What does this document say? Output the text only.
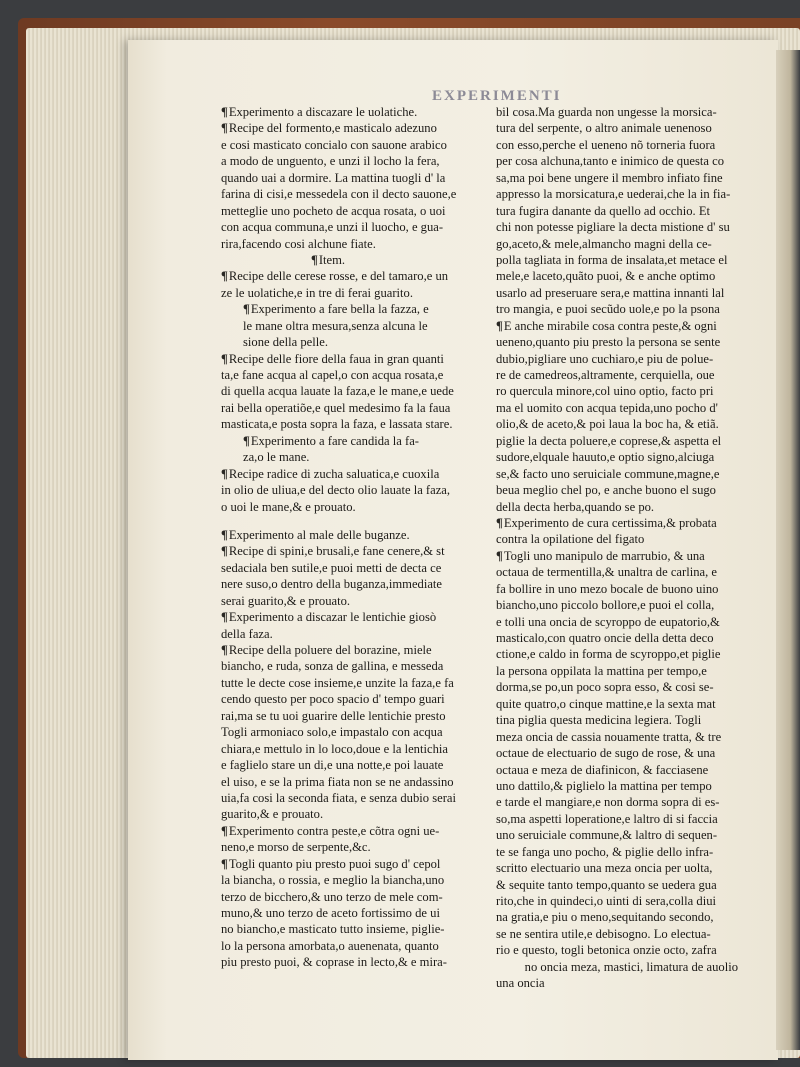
EXPERIMENTI
¶Experimento a discazare le uolatiche.
¶Recipe del formento,e masticalo adezuno
e cosi masticato concialo con sauone arabico
a modo de unguento, e unzi il locho la fera,
quando uai a dormire. La mattina tuogli d' la
farina di cisi,e messedela con il decto sauone,e
metteglie uno pocheto de acqua rosata, o uoi
con acqua communa,e unzi il luocho, e gua-
rira,facendo cosi alchune fiate.
¶Item.
¶Recipe delle cerese rosse, e del tamaro,e un
ze le uolatiche,e in tre di ferai guarito.
¶Experimento a fare bella la fazza, e
le mane oltra mesura,senza alcuna le
sione della pelle.
¶Recipe delle fiore della faua in gran quanti
ta,e fane acqua al capel,o con acqua rosata,e
di quella acqua lauate la faza,e le mane,e uede
rai bella operatiõe,e quel medesimo fa la faua
masticata,e posta sopra la faza, e lassata stare.
¶Experimento a fare candida la fa-
za,o le mane.
¶Recipe radice di zucha saluatica,e cuoxila
in olio de uliua,e del decto olio lauate la faza,
o uoi le mane,& e prouato.
¶Experimento al male delle buganze.
¶Recipe di spini,e brusali,e fane cenere,& st
sedaciala ben sutile,e puoi metti de decta ce
nere suso,o dentro della buganza,immediate
serai guarito,& e prouato.
¶Experimento a discazar le lentichie giosò
della faza.
¶Recipe della poluere del borazine, miele
biancho, e ruda, sonza de gallina, e messeda
tutte le decte cose insieme,e unzite la faza,e fa
cendo questo per poco spacio d' tempo guari
rai,ma se tu uoi guarire delle lentichie presto
Togli armoniaco solo,e impastalo con acqua
chiara,e mettulo in lo loco,doue e la lentichia
e faglielo stare un di,e una notte,e poi lauate
el uiso, e se la prima fiata non se ne andassino
uia,fa cosi la seconda fiata, e senza dubio serai
guarito,& e prouato.
¶Experimento contra peste,e cõtra ogni ue-
neno,e morso de serpente,&c.
¶Togli quanto piu presto puoi sugo d' cepol
la biancha, o rossia, e meglio la biancha,uno
terzo de bicchero,& uno terzo de mele com-
muno,& uno terzo de aceto fortissimo de ui
no biancho,e masticato tutto insieme, piglie-
lo la persona amorbata,o auenenata, quanto
piu presto puoi, & coprase in lecto,& e mira-
bil cosa.Ma guarda non ungesse la morsica-
tura del serpente, o altro animale uenenoso
con esso,perche el ueneno nõ torneria fuora
per cosa alchuna,tanto e inimico de questa co
sa,ma poi bene ungere il membro infiato fine
appresso la morsicatura,e uederai,che la in fia-
tura fugira danante da quello ad occhio. Et
chi non potesse pigliare la decta mistione d' su
go,aceto,& mele,almancho magni della ce-
polla tagliata in forma de insalata,et metace el
mele,e laceto,quãto puoi, & e anche optimo
usarlo ad preseruare sera,e mattina innanti lal
tro mangia, e puoi secũdo uole,e po la psona
¶E anche mirabile cosa contra peste,& ogni
ueneno,quanto piu presto la persona se sente
dubio,pigliare uno cuchiaro,e piu de polue-
re de camedreos,altramente, cerquiella, oue
ro quercula minore,col uino optio, facto pri
ma el uomito con acqua tepida,uno pocho d'
olio,& de aceto,& poi laua la boc ha, & etiã.
piglie la decta poluere,e coprese,& aspetta el
sudore,elquale hauuto,e optio signo,alciuga
se,& facto uno seruiciale commune,magne,e
beua meglio chel po, e anche buono el sugo
della decta herba,quando se po.
¶Experimento de cura certissima,& probata
contra la opilatione del figato
¶Togli uno manipulo de marrubio, & una
octaua de termentilla,& unaltra de carlina, e
fa bollire in uno mezo bocale de buono uino
biancho,uno piccolo bollore,e puoi el colla,
e tolli una oncia de scyroppo de eupatorio,&
masticalo,con quatro oncie della detta deco
ctione,e caldo in forma de scyroppo,et piglie
la persona oppilata la mattina per tempo,e
dorma,se po,un poco sopra esso, & cosi se-
quite quatro,o cinque mattine,e la sexta mat
tina piglia questa medicina legiera. Togli
meza oncia de cassia nouamente tratta, & tre
octaue de electuario de sugo de rose, & una
octaua e meza de diafinicon, & facciasene
uno dattilo,& piglielo la mattina per tempo
e tarde el mangiare,e non dorma sopra di es-
so,ma aspetti loperatione,e laltro di si faccia
uno seruiciale commune,& laltro di sequen-
te se fanga uno pocho, & piglie dello infra-
scritto electuario una meza oncia per uolta,
& sequite tanto tempo,quanto se uedera gua
rito,che in quindeci,o uinti di sera,colla diui
na gratia,e piu o meno,sequitando secondo,
se ne sentira utile,e debisogno. Lo electua-
rio e questo, togli betonica onzie octo, zafra
no oncia meza, mastici, limatura de auolio
una oncia
